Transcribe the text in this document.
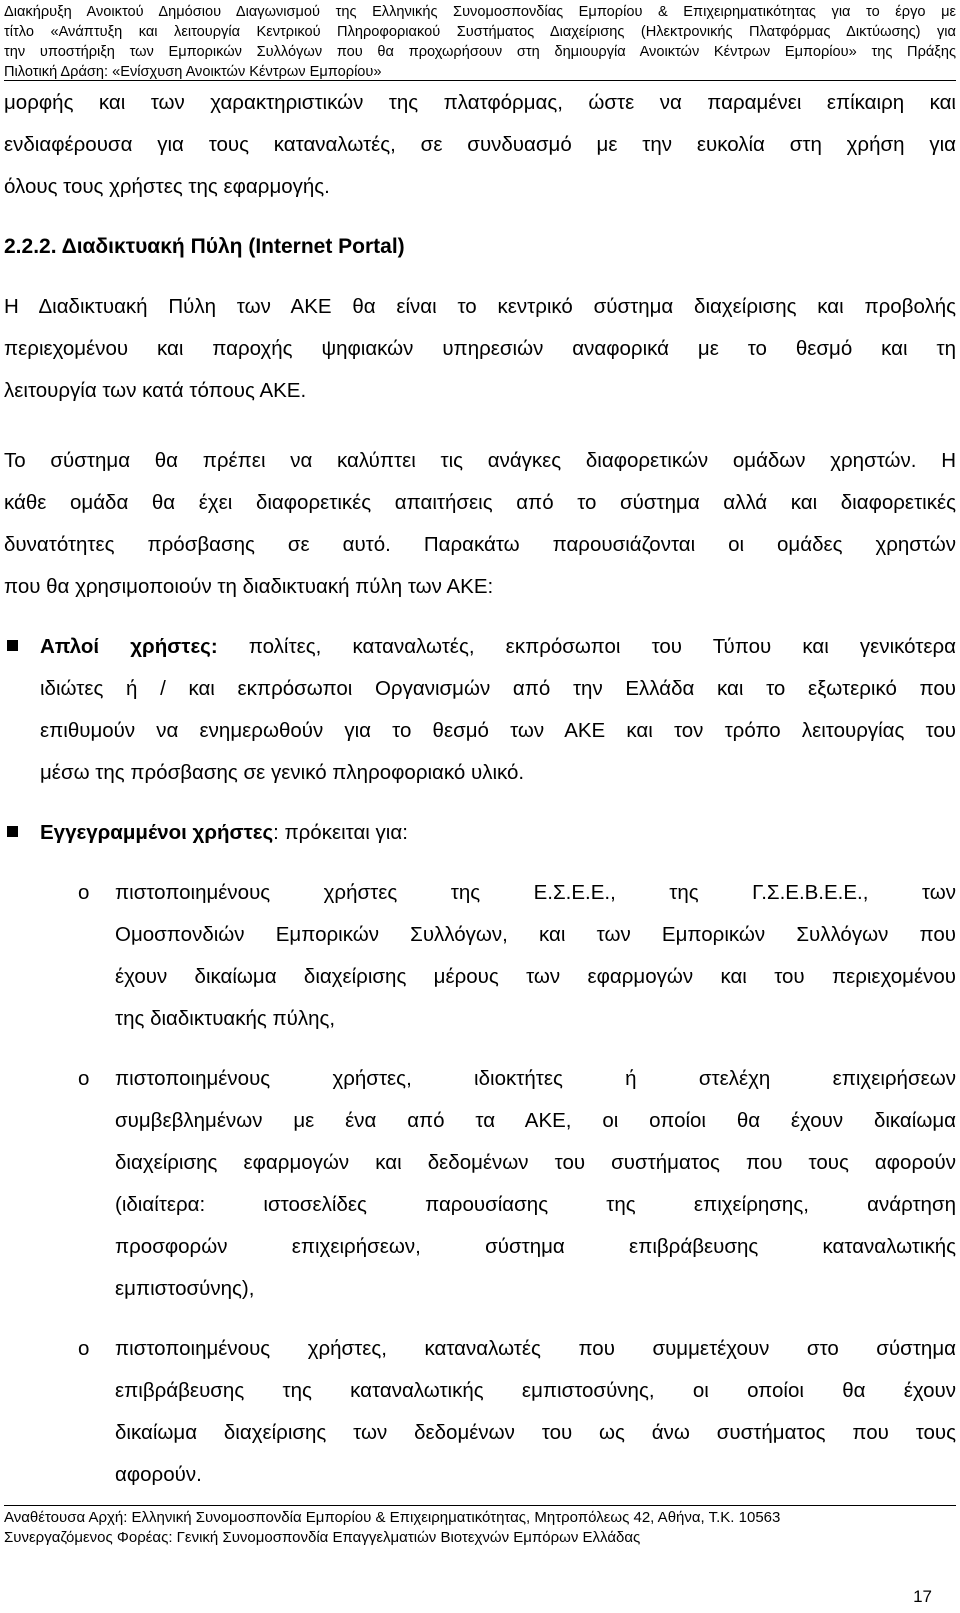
Διακήρυξη Ανοικτού Δημόσιου Διαγωνισμού της Ελληνικής Συνομοσπονδίας Εμπορίου & Επιχειρηματικότητας για το έργο με
τίτλο «Ανάπτυξη και λειτουργία Κεντρικού Πληροφοριακού Συστήματος Διαχείρισης (Ηλεκτρονικής Πλατφόρμας Δικτύωσης) για
την υποστήριξη των Εμπορικών Συλλόγων που θα προχωρήσουν στη δημιουργία Ανοικτών Κέντρων Εμπορίου» της Πράξης
Πιλοτική Δράση: «Ενίσχυση Ανοικτών Κέντρων Εμπορίου»

μορφής και των χαρακτηριστικών της πλατφόρμας, ώστε να παραμένει επίκαιρη και
ενδιαφέρουσα για τους καταναλωτές, σε συνδυασμό με την ευκολία στη χρήση για
όλους τους χρήστες της εφαρμογής.

2.2.2. Διαδικτυακή Πύλη (Internet Portal)

Η Διαδικτυακή Πύλη των ΑΚΕ θα είναι το κεντρικό σύστημα διαχείρισης και προβολής
περιεχομένου και παροχής ψηφιακών υπηρεσιών αναφορικά με το θεσμό και τη
λειτουργία των κατά τόπους ΑΚΕ.

Το σύστημα θα πρέπει να καλύπτει τις ανάγκες διαφορετικών ομάδων χρηστών. Η
κάθε ομάδα θα έχει διαφορετικές απαιτήσεις από το σύστημα αλλά και διαφορετικές
δυνατότητες πρόσβασης σε αυτό. Παρακάτω παρουσιάζονται οι ομάδες χρηστών
που θα χρησιμοποιούν τη διαδικτυακή πύλη των ΑΚΕ:

Απλοί χρήστες: πολίτες, καταναλωτές, εκπρόσωποι του Τύπου και γενικότερα
ιδιώτες ή / και εκπρόσωποι Οργανισμών από την Ελλάδα και το εξωτερικό που
επιθυμούν να ενημερωθούν για το θεσμό των ΑΚΕ και τον τρόπο λειτουργίας του
μέσω της πρόσβασης σε γενικό πληροφοριακό υλικό.
Εγγεγραμμένοι χρήστες: πρόκειται για:
o πιστοποιημένους χρήστες της Ε.Σ.Ε.Ε., της Γ.Σ.Ε.Β.Ε.Ε., των
Ομοσπονδιών Εμπορικών Συλλόγων, και των Εμπορικών Συλλόγων που
έχουν δικαίωμα διαχείρισης μέρους των εφαρμογών και του περιεχομένου
της διαδικτυακής πύλης,
o πιστοποιημένους χρήστες, ιδιοκτήτες ή στελέχη επιχειρήσεων
συμβεβλημένων με ένα από τα ΑΚΕ, οι οποίοι θα έχουν δικαίωμα
διαχείρισης εφαρμογών και δεδομένων του συστήματος που τους αφορούν
(ιδιαίτερα: ιστοσελίδες παρουσίασης της επιχείρησης, ανάρτηση
προσφορών επιχειρήσεων, σύστημα επιβράβευσης καταναλωτικής
εμπιστοσύνης),
o πιστοποιημένους χρήστες, καταναλωτές που συμμετέχουν στο σύστημα
επιβράβευσης της καταναλωτικής εμπιστοσύνης, οι οποίοι θα έχουν
δικαίωμα διαχείρισης των δεδομένων του ως άνω συστήματος που τους
αφορούν.
Αναθέτουσα Αρχή: Ελληνική Συνομοσπονδία Εμπορίου & Επιχειρηματικότητας, Μητροπόλεως 42, Αθήνα, Τ.Κ. 10563
Συνεργαζόμενος Φορέας: Γενική Συνομοσπονδία Επαγγελματιών Βιοτεχνών Εμπόρων Ελλάδας
17
